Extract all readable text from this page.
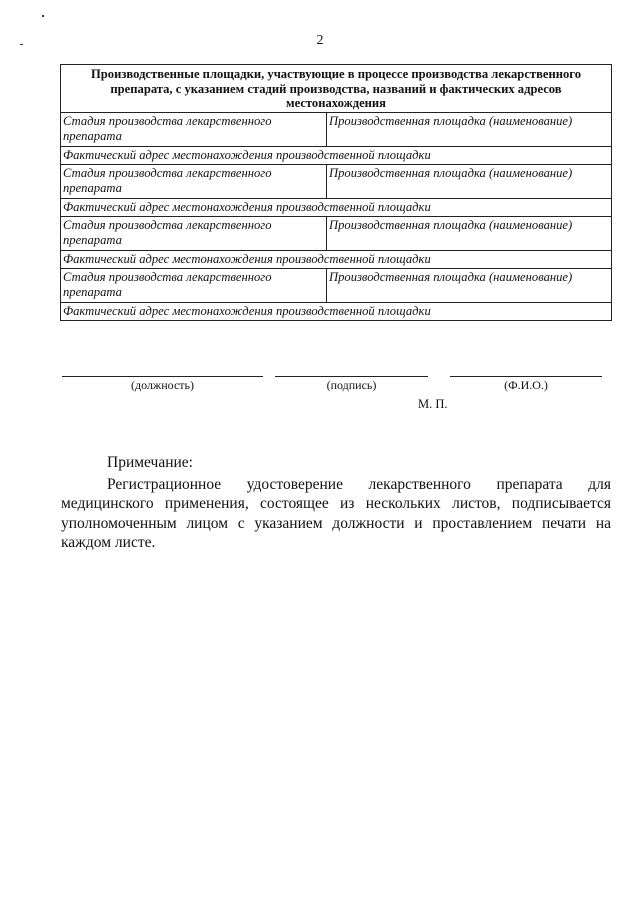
2
Производственные площадки, участвующие в процессе производства лекарственного препарата, с указанием стадий производства, названий и фактических адресов местонахождения	
Стадия производства лекарственного препарата	Производственная площадка (наименование)
Фактический адрес местонахождения производственной площадки	
Стадия производства лекарственного препарата	Производственная площадка (наименование)
Фактический адрес местонахождения производственной площадки	
Стадия производства лекарственного препарата	Производственная площадка (наименование)
Фактический адрес местонахождения производственной площадки	
Стадия производства лекарственного препарата	Производственная площадка (наименование)
Фактический адрес местонахождения производственной площадки	
(должность)	(подпись)	(Ф.И.О.)
М. П.

Примечание:

Регистрационное удостоверение лекарственного препарата для медицинского применения, состоящее из нескольких листов, подписывается уполномоченным лицом с указанием должности и проставлением печати на каждом листе.
